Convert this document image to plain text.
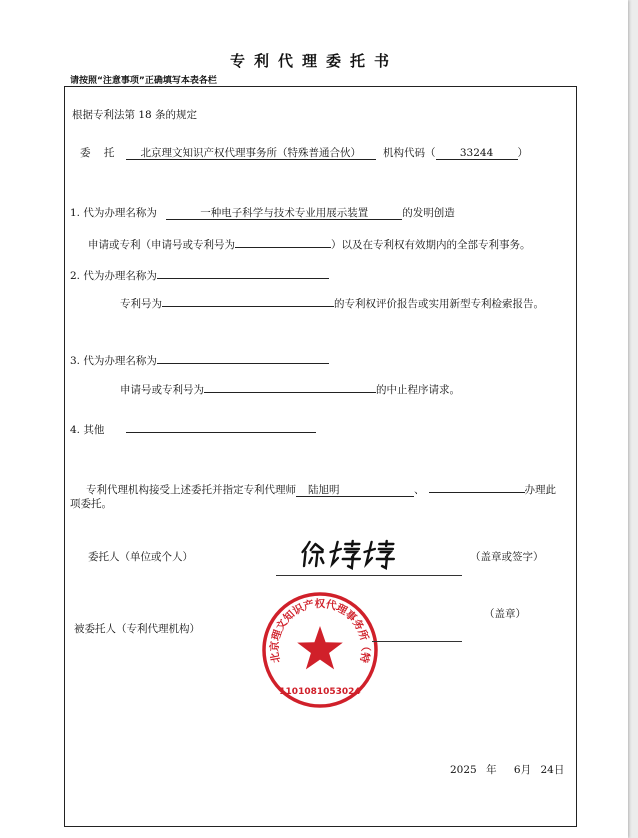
专利代理委托书
请按照“注意事项”正确填写本表各栏
根据专利法第 18 条的规定
委    托 北京理文知识产权代理事务所（特殊普通合伙） 机构代码（ 33244 ）
1. 代为办理名称为	一种电子科学与技术专业用展示装置	的发明创造
申请或专利（申请号或专利号为	）以及在专利权有效期内的全部专利事务。
2. 代为办理名称为
专利号为	的专利权评价报告或实用新型专利检索报告。
3. 代为办理名称为
申请号或专利号为	的中止程序请求。
4. 其他
专利代理机构接受上述委托并指定专利代理师 陆旭明	、	办理此
项委托。
委托人（单位或个人）	（盖章或签字）
被委托人（专利代理机构）
（盖章）
北京理文知识产权代理事务所（特
1101081053024
2025 年 6月 24日
